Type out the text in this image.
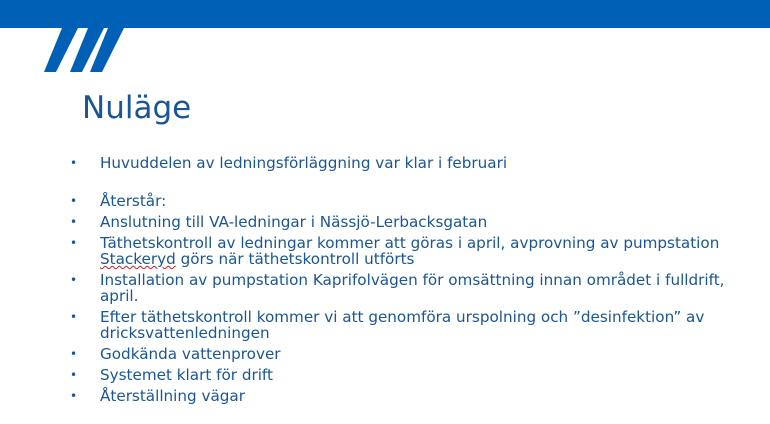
Nuläge
• Huvuddelen av ledningsförläggning var klar i februari
• Återstår:
• Anslutning till VA-ledningar i Nässjö-Lerbacksgatan
• Täthetskontroll av ledningar kommer att göras i april, avprovning av pumpstation Stackeryd görs när täthetskontroll utförts
• Installation av pumpstation Kaprifolvägen för omsättning innan området i fulldrift, april.
• Efter täthetskontroll kommer vi att genomföra urspolning och ”desinfektion” av dricksvattenledningen
• Godkända vattenprover
• Systemet klart för drift
• Återställning vägar
